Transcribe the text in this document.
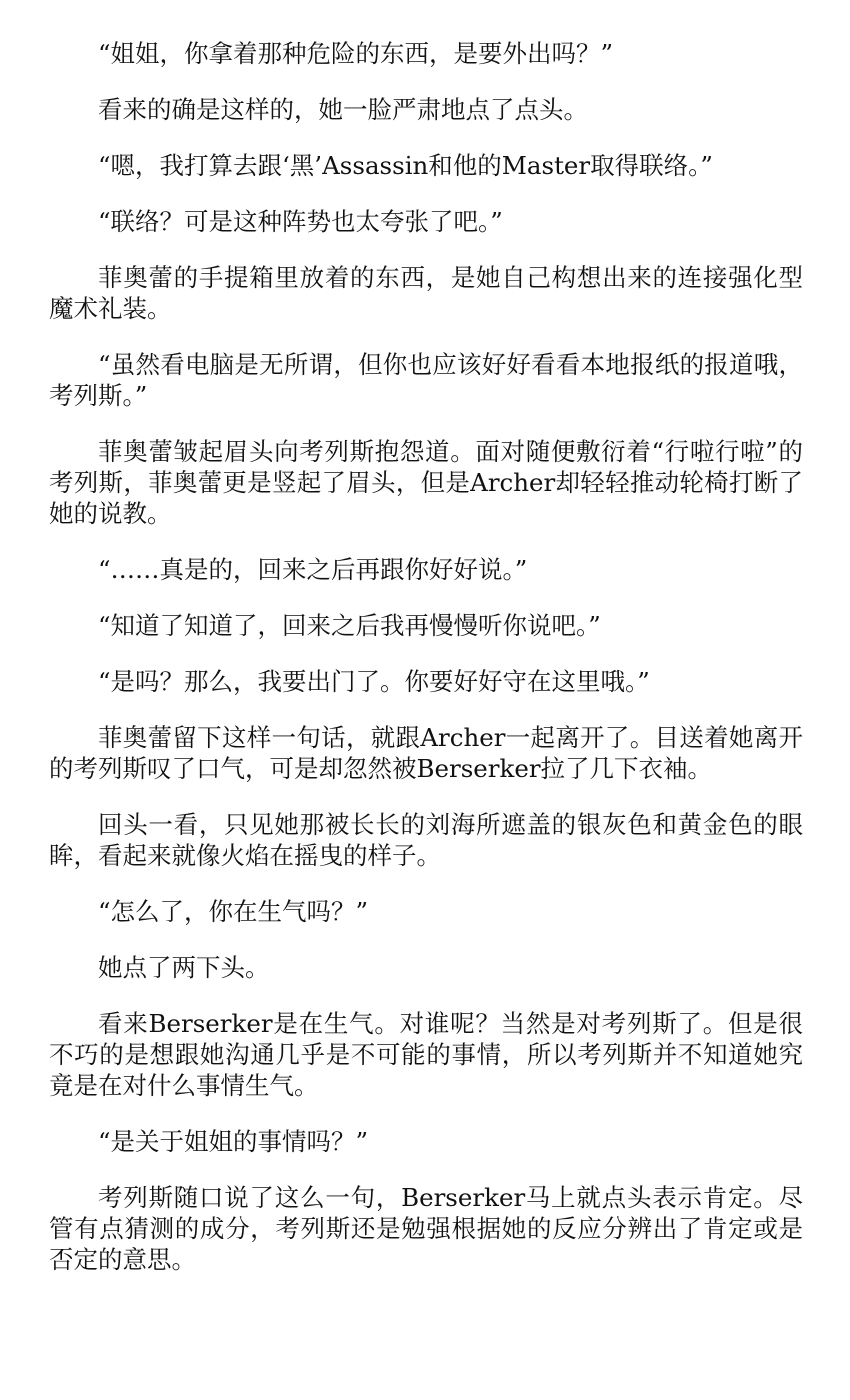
“姐姐，你拿着那种危险的东西，是要外出吗？”

看来的确是这样的，她一脸严肃地点了点头。

“嗯，我打算去跟‘黑’Assassin和他的Master取得联络。”

“联络？可是这种阵势也太夸张了吧。”

菲奥蕾的手提箱里放着的东西，是她自己构想出来的连接强化型魔术礼装。

“虽然看电脑是无所谓，但你也应该好好看看本地报纸的报道哦，考列斯。”

菲奥蕾皱起眉头向考列斯抱怨道。面对随便敷衍着“行啦行啦”的考列斯，菲奥蕾更是竖起了眉头，但是Archer却轻轻推动轮椅打断了她的说教。

“……真是的，回来之后再跟你好好说。”

“知道了知道了，回来之后我再慢慢听你说吧。”

“是吗？那么，我要出门了。你要好好守在这里哦。”

菲奥蕾留下这样一句话，就跟Archer一起离开了。目送着她离开的考列斯叹了口气，可是却忽然被Berserker拉了几下衣袖。

回头一看，只见她那被长长的刘海所遮盖的银灰色和黄金色的眼眸，看起来就像火焰在摇曳的样子。

“怎么了，你在生气吗？”

她点了两下头。

看来Berserker是在生气。对谁呢？当然是对考列斯了。但是很不巧的是想跟她沟通几乎是不可能的事情，所以考列斯并不知道她究竟是在对什么事情生气。

“是关于姐姐的事情吗？”

考列斯随口说了这么一句，Berserker马上就点头表示肯定。尽管有点猜测的成分，考列斯还是勉强根据她的反应分辨出了肯定或是否定的意思。
